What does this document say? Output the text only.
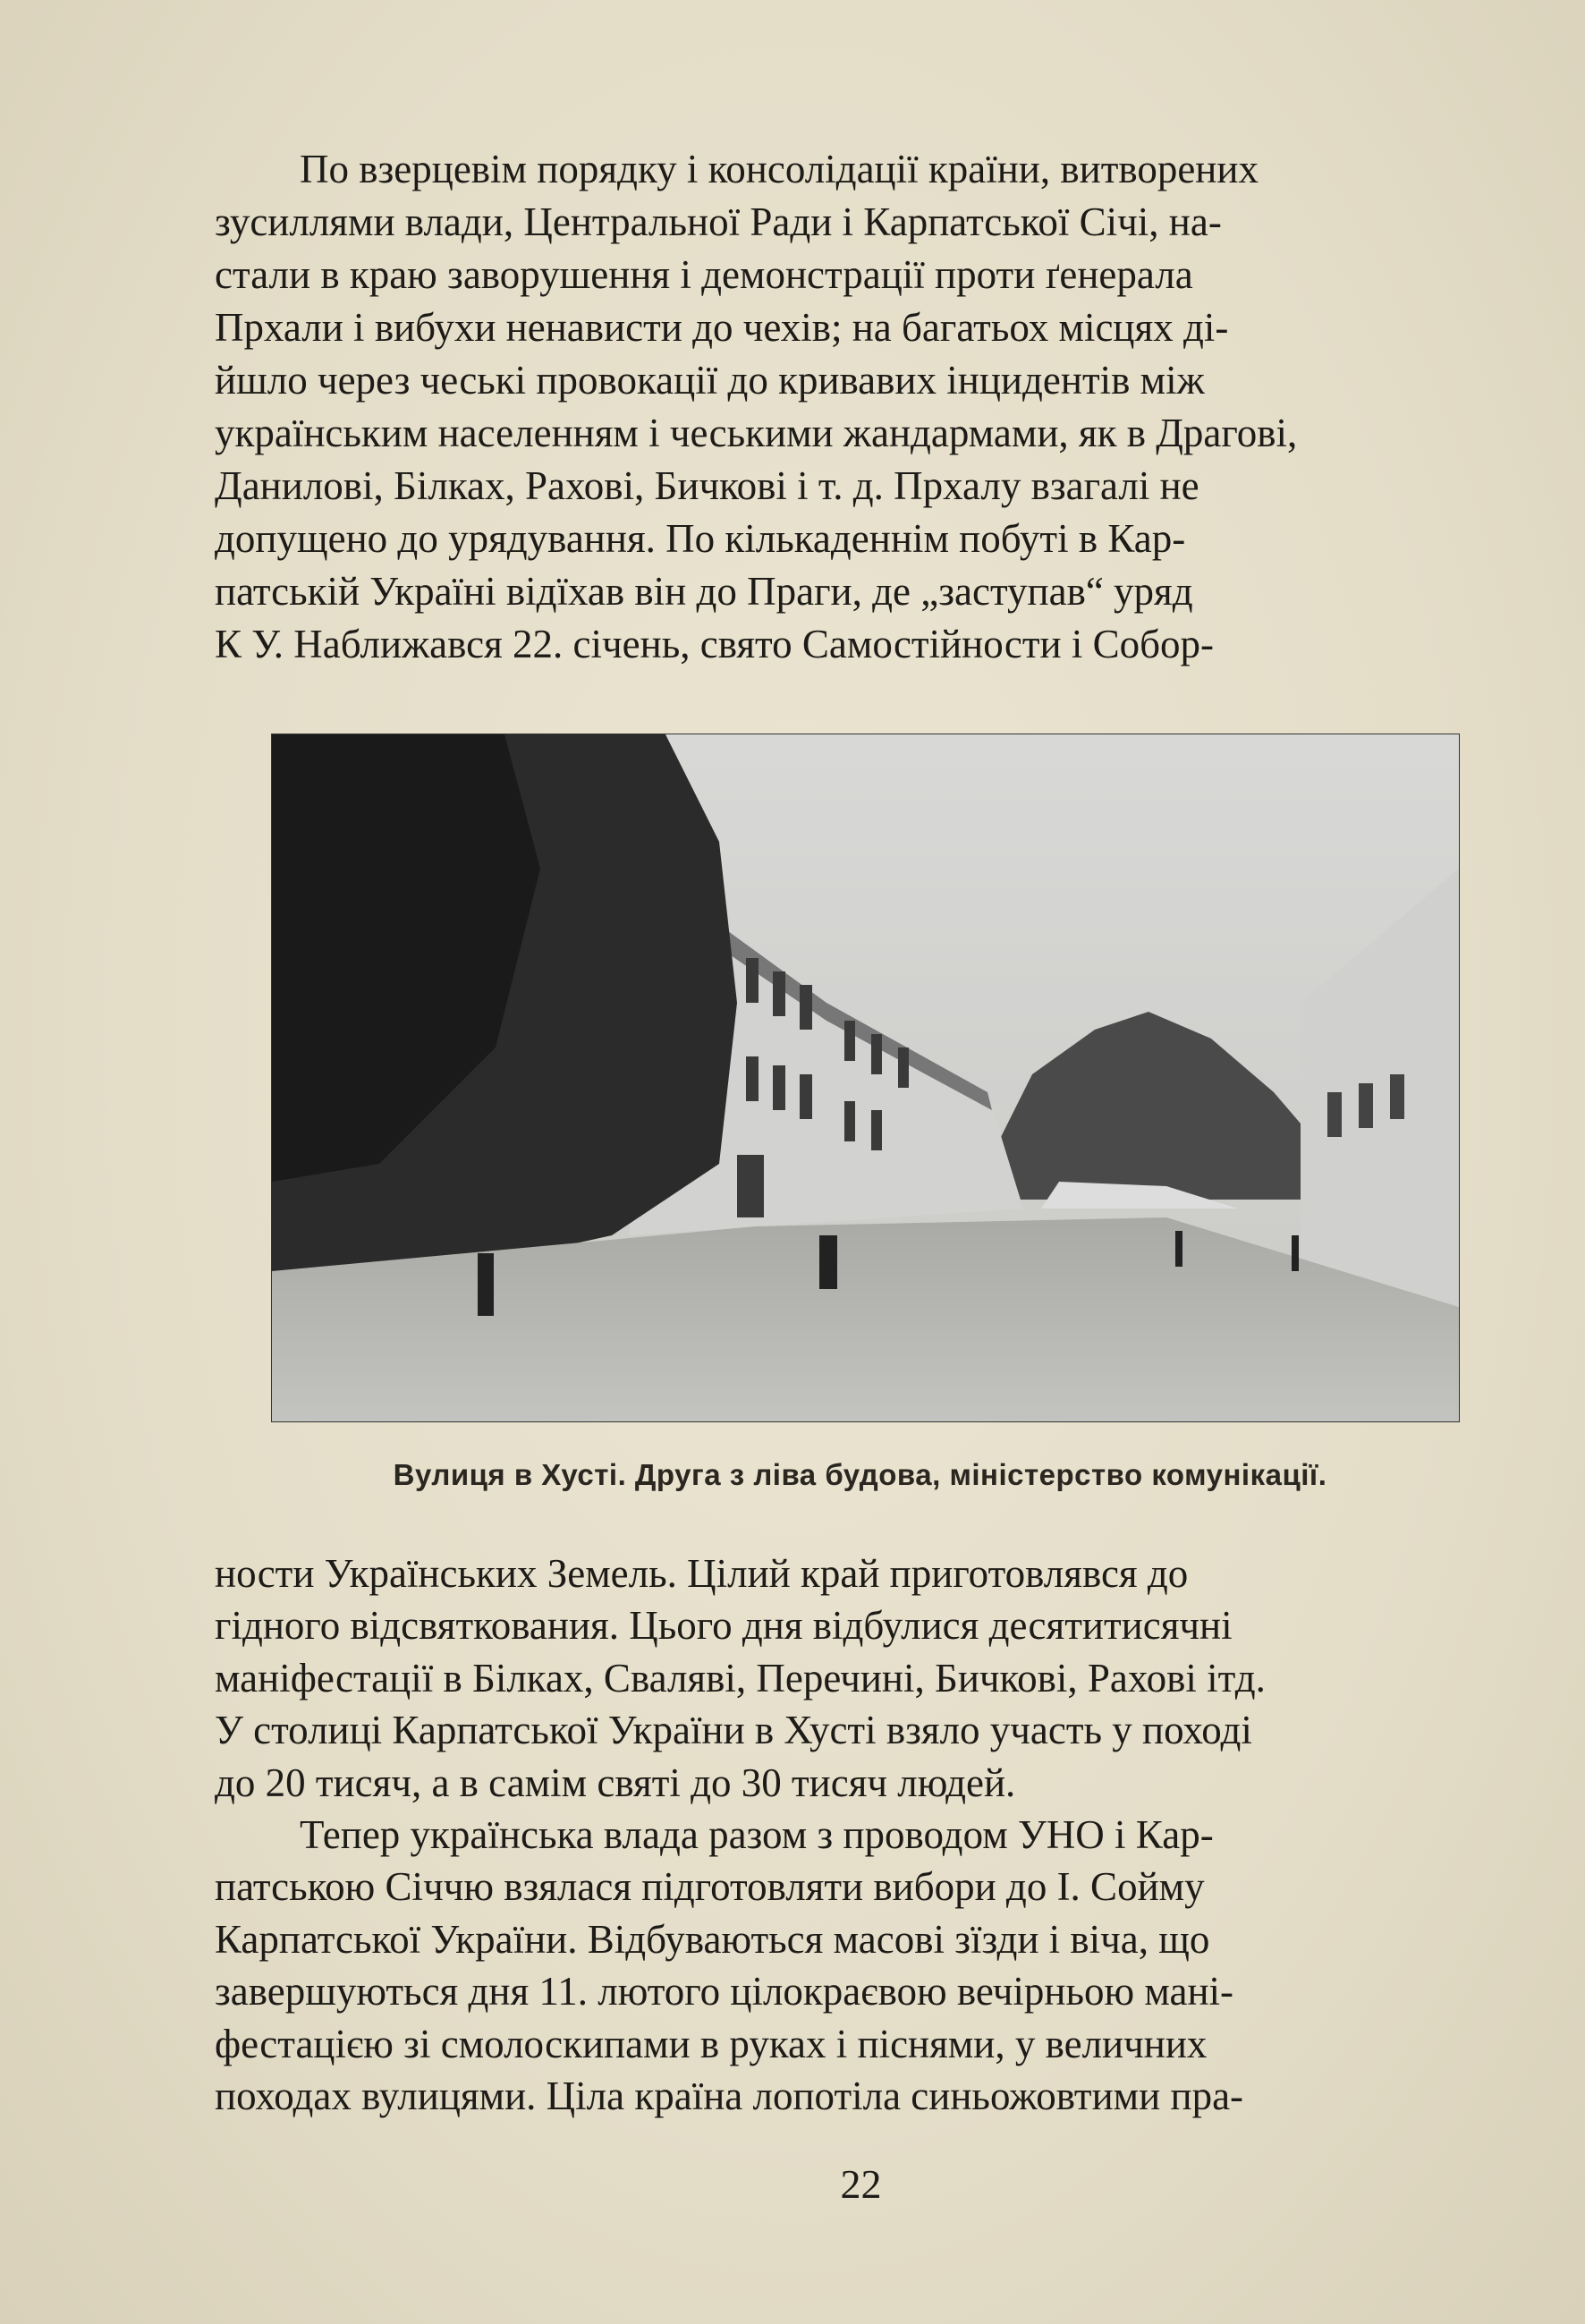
По взерцевім порядку і консолідації країни, витворених
зусиллями влади, Центральної Ради і Карпатської Січі, на-
стали в краю заворушення і демонстрації проти ґенерала
Прхали і вибухи ненависти до чехів; на багатьох місцях ді-
йшло через чеські провокації до кривавих інцидентів між
українським населенням і чеськими жандармами, як в Драгові,
Данилові, Білках, Рахові, Бичкові і т. д. Прхалу взагалі не
допущено до урядування. По кількаденнім побуті в Кар-
патській Україні відїхав він до Праги, де „заступав“ уряд
К У. Наближався 22. січень, свято Самостійности і Собор-
Вулиця в Хусті. Друга з ліва будова, міністерство комунікації.
ности Українських Земель. Цілий край приготовлявся до
гідного відсвяткования. Цього дня відбулися десятитисячні
маніфестації в Білках, Сваляві, Перечині, Бичкові, Рахові ітд.
У столиці Карпатської України в Хусті взяло участь у поході
до 20 тисяч, а в самім святі до 30 тисяч людей.
Тепер українська влада разом з проводом УНО і Кар-
патською Січчю взялася підготовляти вибори до І. Сойму
Карпатської України. Відбуваються масові зїзди і віча, що
завершуються дня 11. лютого цілокраєвою вечірньою мані-
фестацією зі смолоскипами в руках і піснями, у величних
походах вулицями. Ціла країна лопотіла синьожовтими пра-
22
